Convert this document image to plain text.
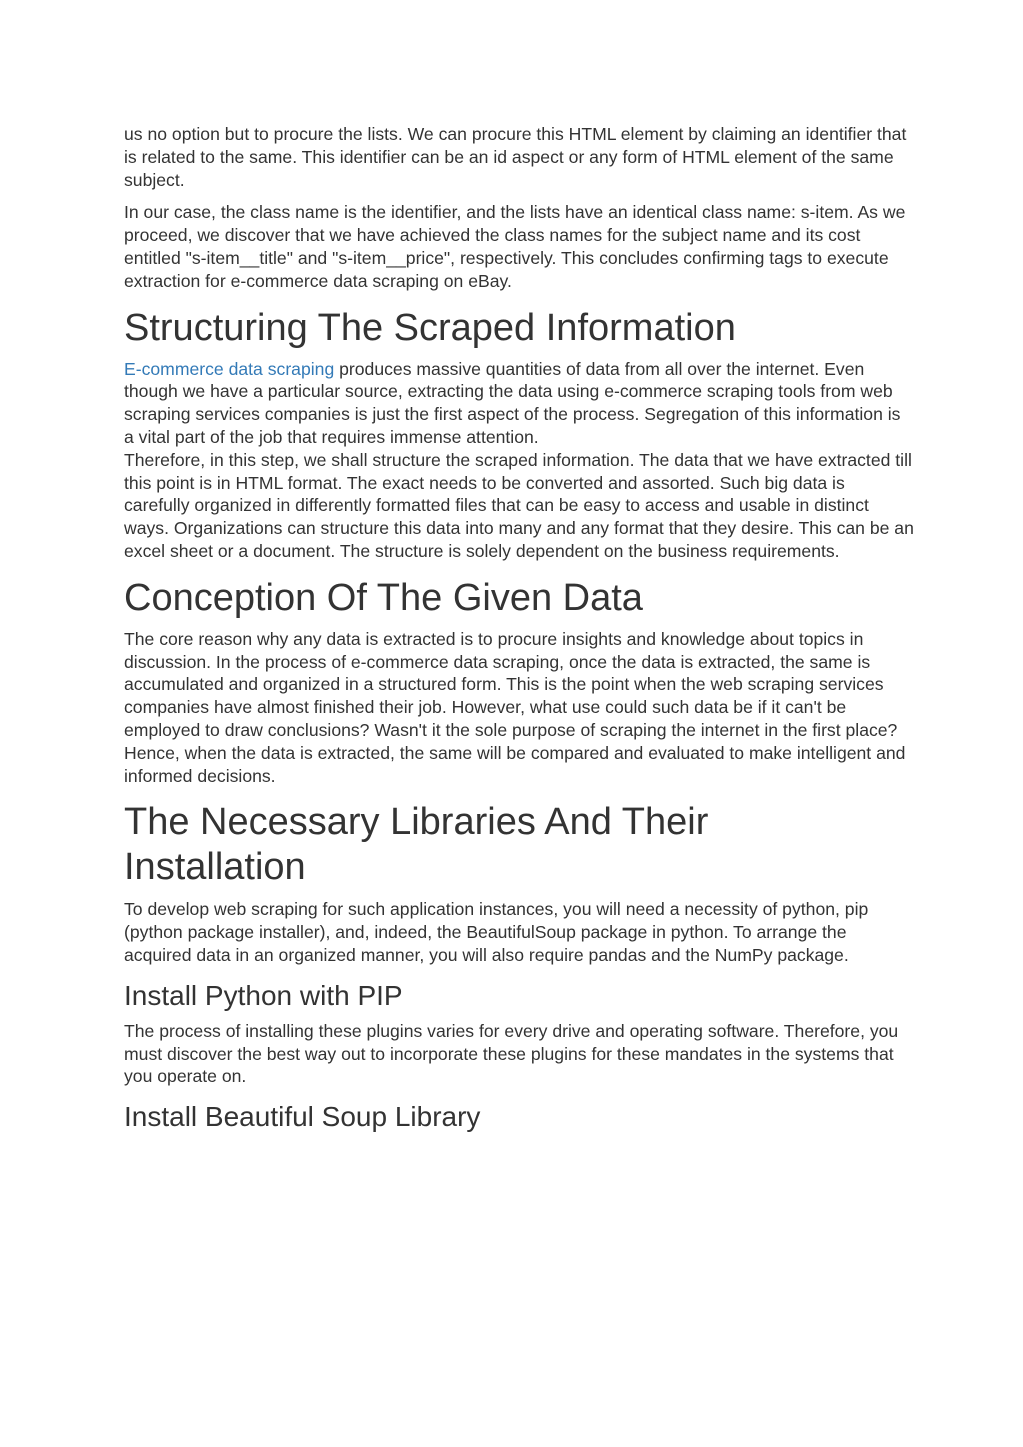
us no option but to procure the lists. We can procure this HTML element by claiming an identifier that is related to the same. This identifier can be an id aspect or any form of HTML element of the same subject.

In our case, the class name is the identifier, and the lists have an identical class name: s-item. As we proceed, we discover that we have achieved the class names for the subject name and its cost entitled "s-item__title" and "s-item__price", respectively. This concludes confirming tags to execute extraction for e-commerce data scraping on eBay.

Structuring The Scraped Information

E-commerce data scraping produces massive quantities of data from all over the internet. Even though we have a particular source, extracting the data using e-commerce scraping tools from web scraping services companies is just the first aspect of the process. Segregation of this information is a vital part of the job that requires immense attention.

Therefore, in this step, we shall structure the scraped information. The data that we have extracted till this point is in HTML format. The exact needs to be converted and assorted. Such big data is carefully organized in differently formatted files that can be easy to access and usable in distinct ways. Organizations can structure this data into many and any format that they desire. This can be an excel sheet or a document. The structure is solely dependent on the business requirements.

Conception Of The Given Data

The core reason why any data is extracted is to procure insights and knowledge about topics in discussion. In the process of e-commerce data scraping, once the data is extracted, the same is accumulated and organized in a structured form. This is the point when the web scraping services companies have almost finished their job. However, what use could such data be if it can't be employed to draw conclusions? Wasn't it the sole purpose of scraping the internet in the first place? Hence, when the data is extracted, the same will be compared and evaluated to make intelligent and informed decisions.

The Necessary Libraries And Their
Installation

To develop web scraping for such application instances, you will need a necessity of python, pip (python package installer), and, indeed, the BeautifulSoup package in python. To arrange the acquired data in an organized manner, you will also require pandas and the NumPy package.

Install Python with PIP

The process of installing these plugins varies for every drive and operating software. Therefore, you must discover the best way out to incorporate these plugins for these mandates in the systems that you operate on.

Install Beautiful Soup Library
